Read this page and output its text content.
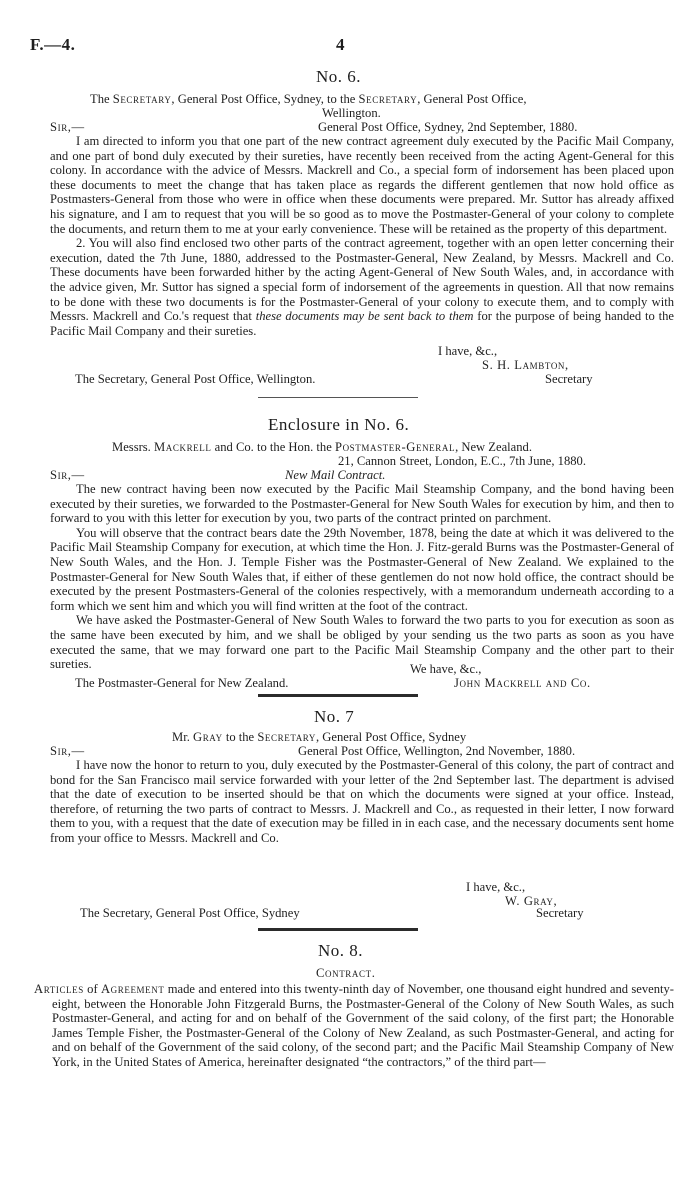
F.—4.	4
No. 6.
The Secretary, General Post Office, Sydney, to the Secretary, General Post Office,
Wellington.
Sir,—	General Post Office, Sydney, 2nd September, 1880.

I am directed to inform you that one part of the new contract agreement duly executed by the Pacific Mail Company, and one part of bond duly executed by their sureties, have recently been received from the acting Agent-General for this colony. In accordance with the advice of Messrs. Mackrell and Co., a special form of indorsement has been placed upon these documents to meet the change that has taken place as regards the different gentlemen that now hold office as Postmasters-General from those who were in office when these documents were prepared. Mr. Suttor has already affixed his signature, and I am to request that you will be so good as to move the Postmaster-General of your colony to complete the documents, and return them to me at your early convenience. These will be retained as the property of this department.

2. You will also find enclosed two other parts of the contract agreement, together with an open letter concerning their execution, dated the 7th June, 1880, addressed to the Postmaster-General, New Zealand, by Messrs. Mackrell and Co. These documents have been forwarded hither by the acting Agent-General of New South Wales, and, in accordance with the advice given, Mr. Suttor has signed a special form of indorsement of the agreements in question. All that now remains to be done with these two documents is for the Postmaster-General of your colony to execute them, and to comply with Messrs. Mackrell and Co.'s request that these documents may be sent back to them for the purpose of being handed to the Pacific Mail Company and their sureties.

I have, &c.,
S. H. Lambton,
The Secretary, General Post Office, Wellington.	Secretary
Enclosure in No. 6.
Messrs. Mackrell and Co. to the Hon. the Postmaster-General, New Zealand.
21, Cannon Street, London, E.C., 7th June, 1880.
Sir,—	New Mail Contract.

The new contract having been now executed by the Pacific Mail Steamship Company, and the bond having been executed by their sureties, we forwarded to the Postmaster-General for New South Wales for execution by him, and then to forward to you with this letter for execution by you, two parts of the contract printed on parchment.

You will observe that the contract bears date the 29th November, 1878, being the date at which it was delivered to the Pacific Mail Steamship Company for execution, at which time the Hon. J. Fitz-gerald Burns was the Postmaster-General of New South Wales, and the Hon. J. Temple Fisher was the Postmaster-General of New Zealand. We explained to the Postmaster-General for New South Wales that, if either of these gentlemen do not now hold office, the contract should be executed by the present Postmasters-General of the colonies respectively, with a memorandum underneath according to a form which we sent him and which you will find written at the foot of the contract.

We have asked the Postmaster-General of New South Wales to forward the two parts to you for execution as soon as the same have been executed by him, and we shall be obliged by your sending us the two parts as soon as you have executed the same, that we may forward one part to the Pacific Mail Steamship Company and the other part to their sureties.	We have, &c.,
The Postmaster-General for New Zealand.	John Mackrell and Co.
No. 7
Mr. Gray to the Secretary, General Post Office, Sydney
Sir,—	General Post Office, Wellington, 2nd November, 1880.

I have now the honor to return to you, duly executed by the Postmaster-General of this colony, the part of contract and bond for the San Francisco mail service forwarded with your letter of the 2nd September last. The department is advised that the date of execution to be inserted should be that on which the documents were signed at your office. Instead, therefore, of returning the two parts of contract to Messrs. J. Mackrell and Co., as requested in their letter, I now forward them to you, with a request that the date of execution may be filled in in each case, and the necessary documents sent home from your office to Messrs. Mackrell and Co.

I have, &c.,
W. Gray,
The Secretary, General Post Office, Sydney	Secretary
No. 8.
Contract.
Articles of Agreement made and entered into this twenty-ninth day of November, one thousand eight hundred and seventy-eight, between the Honorable John Fitzgerald Burns, the Postmaster-General of the Colony of New South Wales, as such Postmaster-General, and acting for and on behalf of the Government of the said colony, of the first part; the Honorable James Temple Fisher, the Postmaster-General of the Colony of New Zealand, as such Postmaster-General, and acting for and on behalf of the Government of the said colony, of the second part; and the Pacific Mail Steamship Company of New York, in the United States of America, hereinafter designated “the contractors,” of the third part—
